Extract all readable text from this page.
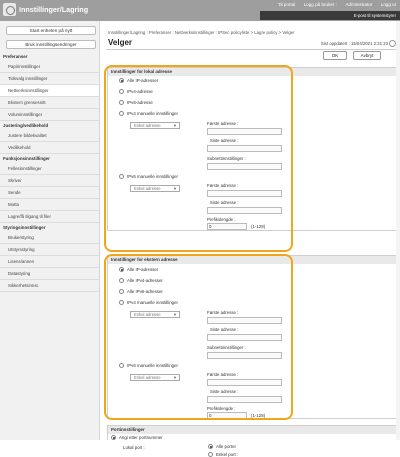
Innstillinger/Lagring
Til portal Logg på bruker : Administrator Logg ut
E-post til systemstyrer
Start enheten på nytt
Bruk innstillingsendringer
Preferanser
Papirinnstillinger
Tidsvalg innstillinger
Nettverksinnstillinger
Ekstern grensesnitt
Voluminnstillinger
Justering/vedlikehold
Justere bildekvalitet
Vedlikehold
Funksjonsinnstillinger
Fellesinnstillinger
Skriver
Sende
Motta
Lagre/få tilgang til filer
Styringsinnstillinger
Brukerstyring
Utstyrsstyring
Lisens/annen
Datastyring
Sikkerhetsinnst.
Innstillinger/Lagring : Preferanser : Nettverksinnstillinger : IPSec policyliste > Lagre policy > Velger
Velger	Sist oppdatert : 15/04/2021 2:21:23
OK	Avbryt
Innstillinger for lokal adresse
Alle IP-adresser
IPv4-adresse
IPv6-adresse
IPv4 manuelle innstillinger
Enkel adresse	▼	Første adresse :
Siste adresse :
Subnettinnstillinger :
IPv6 manuelle innstillinger
Enkel adresse	▼
Første adresse :
Siste adresse :
Prefikslengde :
0	(1-128)
Innstillinger for ekstern adresse
Alle IP-adresser
Alle IPv4-adresser
Alle IPv6-adresser
IPv4 manuelle innstillinger
Enkel adresse	▼	Første adresse :
Siste adresse :
Subnettinnstillinger :
IPv6 manuelle innstillinger
Enkel adresse	▼
Første adresse :
Siste adresse :
Prefikslengde :
0	(1-128)
Portinnstillinger
Angi etter portnummer
Lokal port :	Alle porter
Enkel port :
